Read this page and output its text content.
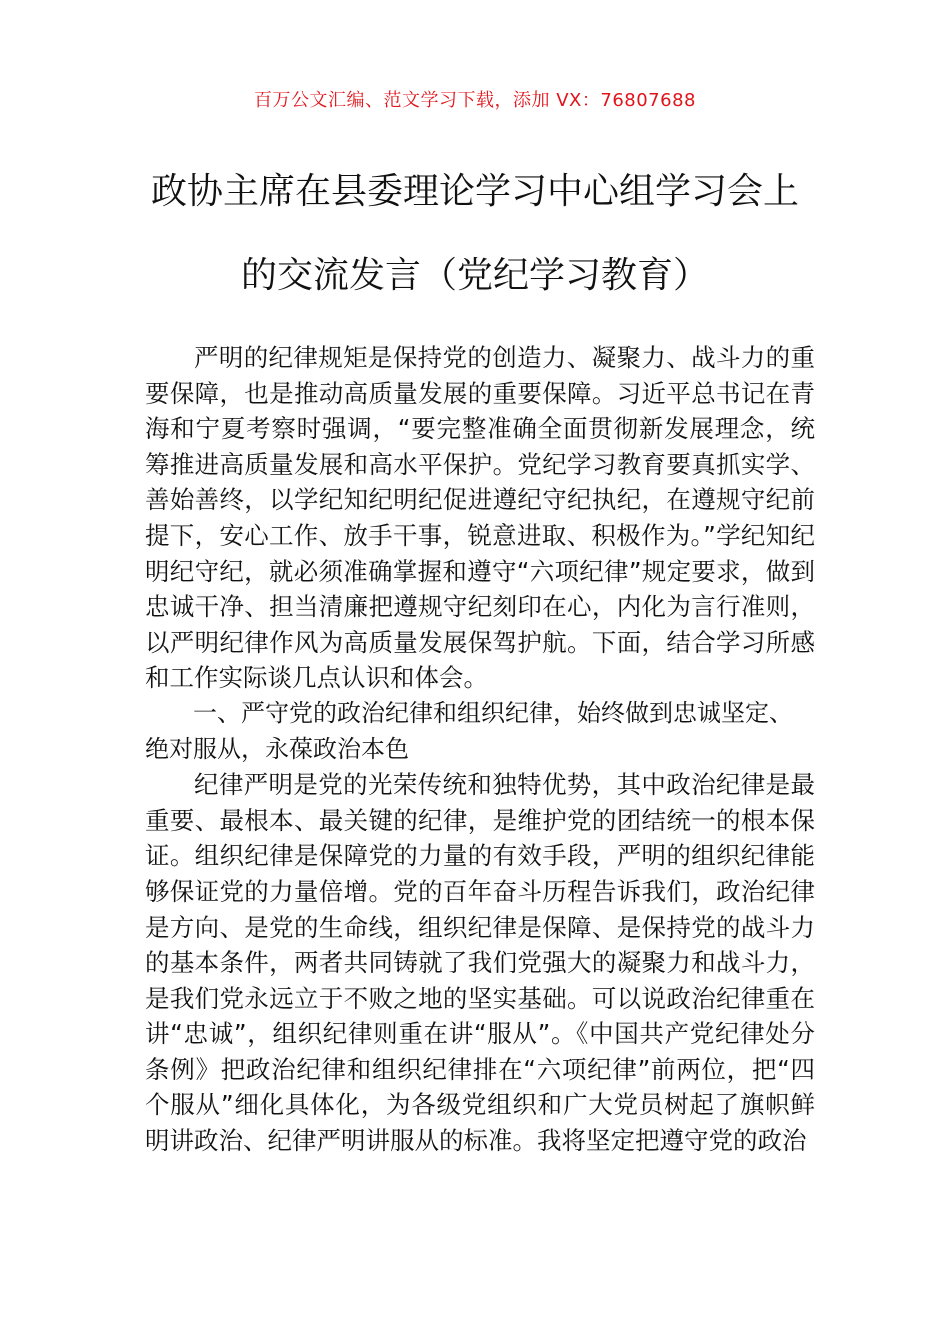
百万公文汇编、范文学习下载，添加 VX：76807688
政协主席在县委理论学习中心组学习会上
的交流发言（党纪学习教育）

严明的纪律规矩是保持党的创造力、凝聚力、战斗力的重要保障，也是推动高质量发展的重要保障。习近平总书记在青海和宁夏考察时强调，“要完整准确全面贯彻新发展理念，统筹推进高质量发展和高水平保护。党纪学习教育要真抓实学、善始善终，以学纪知纪明纪促进遵纪守纪执纪，在遵规守纪前提下，安心工作、放手干事，锐意进取、积极作为。”学纪知纪明纪守纪，就必须准确掌握和遵守“六项纪律”规定要求，做到忠诚干净、担当清廉把遵规守纪刻印在心，内化为言行准则，以严明纪律作风为高质量发展保驾护航。下面，结合学习所感和工作实际谈几点认识和体会。

一、严守党的政治纪律和组织纪律，始终做到忠诚坚定、绝对服从，永葆政治本色

纪律严明是党的光荣传统和独特优势，其中政治纪律是最重要、最根本、最关键的纪律，是维护党的团结统一的根本保证。组织纪律是保障党的力量的有效手段，严明的组织纪律能够保证党的力量倍增。党的百年奋斗历程告诉我们，政治纪律是方向、是党的生命线，组织纪律是保障、是保持党的战斗力的基本条件，两者共同铸就了我们党强大的凝聚力和战斗力，是我们党永远立于不败之地的坚实基础。可以说政治纪律重在讲“忠诚”，组织纪律则重在讲“服从”。《中国共产党纪律处分条例》把政治纪律和组织纪律排在“六项纪律”前两位，把“四个服从”细化具体化，为各级党组织和广大党员树起了旗帜鲜明讲政治、纪律严明讲服从的标准。我将坚定把遵守党的政治
